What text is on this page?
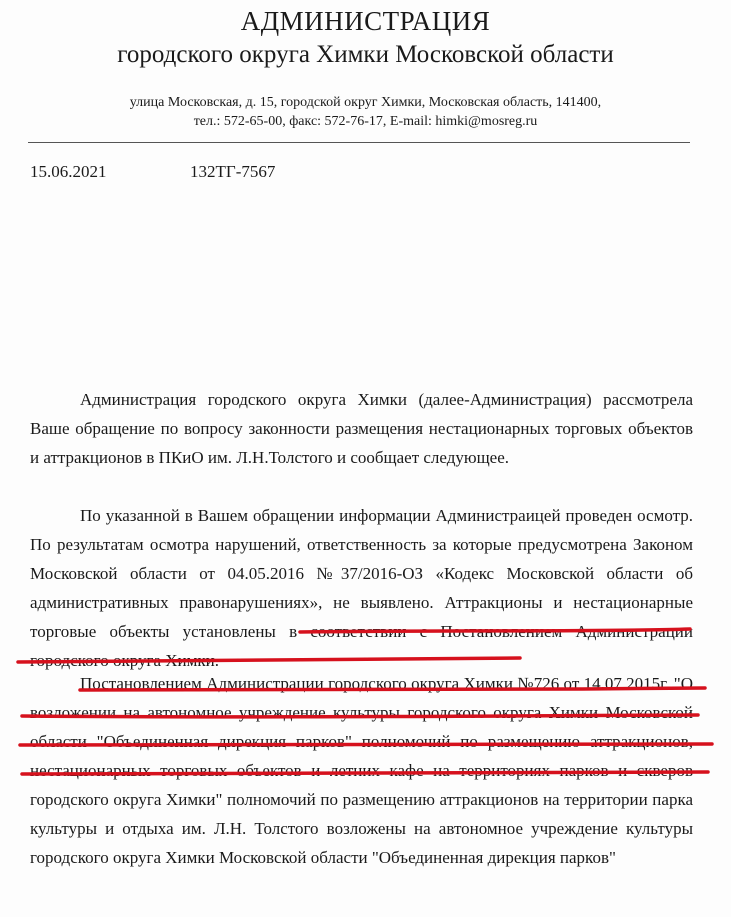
АДМИНИСТРАЦИЯ
городского округа Химки Московской области
улица Московская, д. 15, городской округ Химки, Московская область, 141400,
тел.: 572-65-00, факс: 572-76-17, E-mail: himki@mosreg.ru
15.06.2021	132ТГ-7567
Администрация городского округа Химки (далее-Администрация) рассмотрела Ваше обращение по вопросу законности размещения нестационарных торговых объектов и аттракционов в ПКиО им. Л.Н.Толстого и сообщает следующее.
По указанной в Вашем обращении информации Администраицей проведен осмотр. По результатам осмотра нарушений, ответственность за которые предусмотрена Законом Московской области от 04.05.2016 №37/2016-ОЗ «Кодекс Московской области об административных правонарушениях», не выявлено. Аттракционы и нестационарные торговые объекты установлены в соответствии с Постановлением Администрации городского округа Химки.
Постановлением Администрации городского округа Химки №726 от 14.07.2015г. "О возложении на автономное учреждение культуры городского округа Химки Московской области "Объединенная дирекция парков" полномочий по размещению аттракционов, нестационарных торговых объектов и летних кафе на территориях парков и скверов городского округа Химки" полномочий по размещению аттракционов на территории парка культуры и отдыха им. Л.Н. Толстого возложены на автономное учреждение культуры городского округа Химки Московской области "Объединенная дирекция парков"
